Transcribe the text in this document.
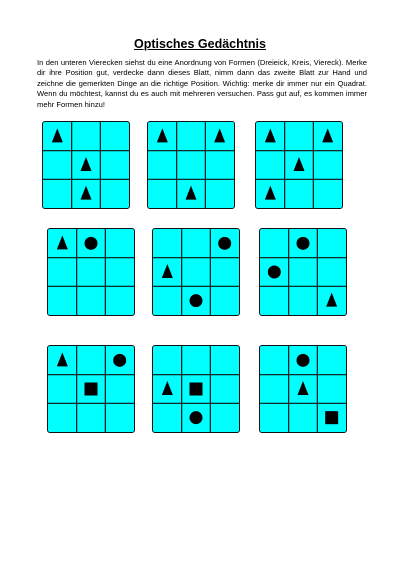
Optisches Gedächtnis
In den unteren Vierecken siehst du eine Anordnung von Formen (Dreieick, Kreis, Viereck). Merke dir ihre Position gut, verdecke dann dieses Blatt, nimm dann das zweite Blatt zur Hand und zeichne die gemerkten Dinge an die richtige Position. Wichtig: merke dir immer nur ein Quadrat. Wenn du möchtest, kannst du es auch mit mehreren versuchen. Pass gut auf, es kommen immer mehr Formen hinzu!
